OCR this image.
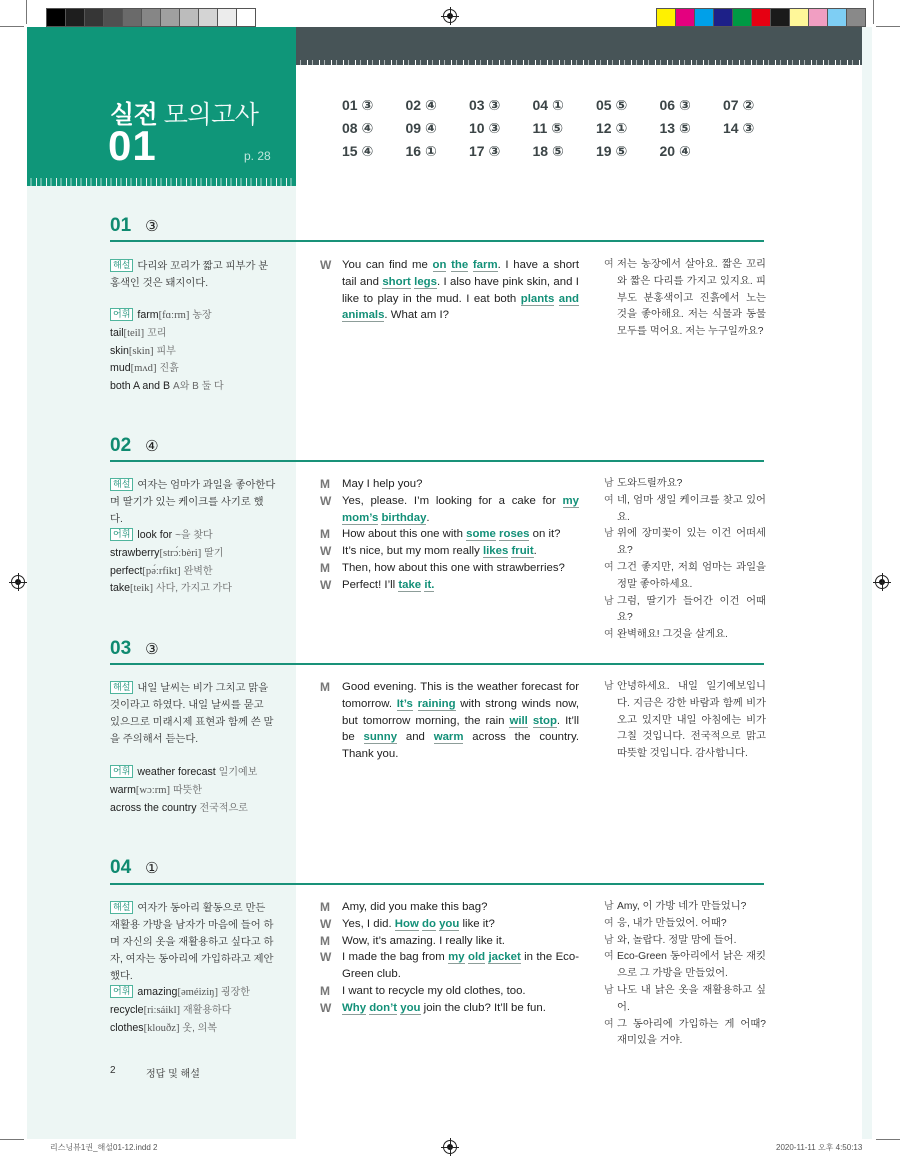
실전 모의고사
01	p. 28
01 ③	02 ④	03 ③	04 ①	05 ⑤	06 ③	07 ②
08 ④	09 ④	10 ③	11 ⑤	12 ①	13 ⑤	14 ③
15 ④	16 ①	17 ③	18 ⑤	19 ⑤	20 ④
01 ③
해설 다리와 꼬리가 짧고 피부가 분홍색인 것은 돼지이다.
어휘 farm[fɑːrm] 농장
tail[teil] 꼬리
skin[skin] 피부
mud[mʌd] 진흙
both A and B A와 B 둘 다
W You can find me on the farm. I have a short tail and short legs. I also have pink skin, and I like to play in the mud. I eat both plants and animals. What am I?
여 저는 농장에서 살아요. 짧은 꼬리와 짧은 다리를 가지고 있지요. 피부도 분홍색이고 진흙에서 노는 것을 좋아해요. 저는 식물과 동물 모두를 먹어요. 저는 누구일까요?
02 ④
해설 여자는 엄마가 과일을 좋아한다며 딸기가 있는 케이크를 사기로 했다.
어휘 look for ~을 찾다
strawberry[strɔ́ːbèri] 딸기
perfect[pə́ːrfikt] 완벽한
take[teik] 사다, 가지고 가다
M	May I help you?
W Yes, please. I’m looking for a cake for my mom’s birthday.
M	How about this one with some roses on it?
W It’s nice, but my mom really likes fruit.
M	Then, how about this one with strawberries?
W Perfect! I’ll take it.
남 도와드릴까요?
여 네, 엄마 생일 케이크를 찾고 있어요.
남 위에 장미꽃이 있는 이건 어떠세요?
여 그건 좋지만, 저희 엄마는 과일을 정말 좋아하세요.
남 그럼, 딸기가 들어간 이건 어때요?
여 완벽해요! 그것을 살게요.
03 ③
해설 내일 날씨는 비가 그치고 맑을 것이라고 하였다. 내일 날씨를 묻고 있으므로 미래시제 표현과 함께 쓴 말을 주의해서 듣는다.
어휘 weather forecast 일기예보
warm[wɔːrm] 따뜻한
across the country 전국적으로
M	Good evening. This is the weather forecast for tomorrow. It’s raining with strong winds now, but tomorrow morning, the rain will stop. It’ll be sunny and warm across the country. Thank you.
남 안녕하세요. 내일 일기예보입니다. 지금은 강한 바람과 함께 비가 오고 있지만 내일 아침에는 비가 그칠 것입니다. 전국적으로 맑고 따뜻할 것입니다. 감사합니다.
04 ①
해설 여자가 동아리 활동으로 만든 재활용 가방을 남자가 마음에 들어 하며 자신의 옷을 재활용하고 싶다고 하자, 여자는 동아리에 가입하라고 제안했다.
어휘 amazing[əméiziŋ] 굉장한
recycle[riːsáikl] 재활용하다
clothes[klouðz] 옷, 의복
M	Amy, did you make this bag?
W Yes, I did. How do you like it?
M	Wow, it’s amazing. I really like it.
W I made the bag from my old jacket in the Eco-Green club.
M	I want to recycle my old clothes, too.
W Why don’t you join the club? It’ll be fun.
남 Amy, 이 가방 네가 만들었니?
여 응, 내가 만들었어. 어때?
남 와, 놀랍다. 정말 맘에 들어.
여 Eco-Green 동아리에서 낡은 재킷으로 그 가방을 만들었어.
남 나도 내 낡은 옷을 재활용하고 싶어.
여 그 동아리에 가입하는 게 어때? 재미있을 거야.
2	정답 및 해설
리스닝뷰1권_해설01-12.indd 2	2020-11-11 오후 4:50:13
